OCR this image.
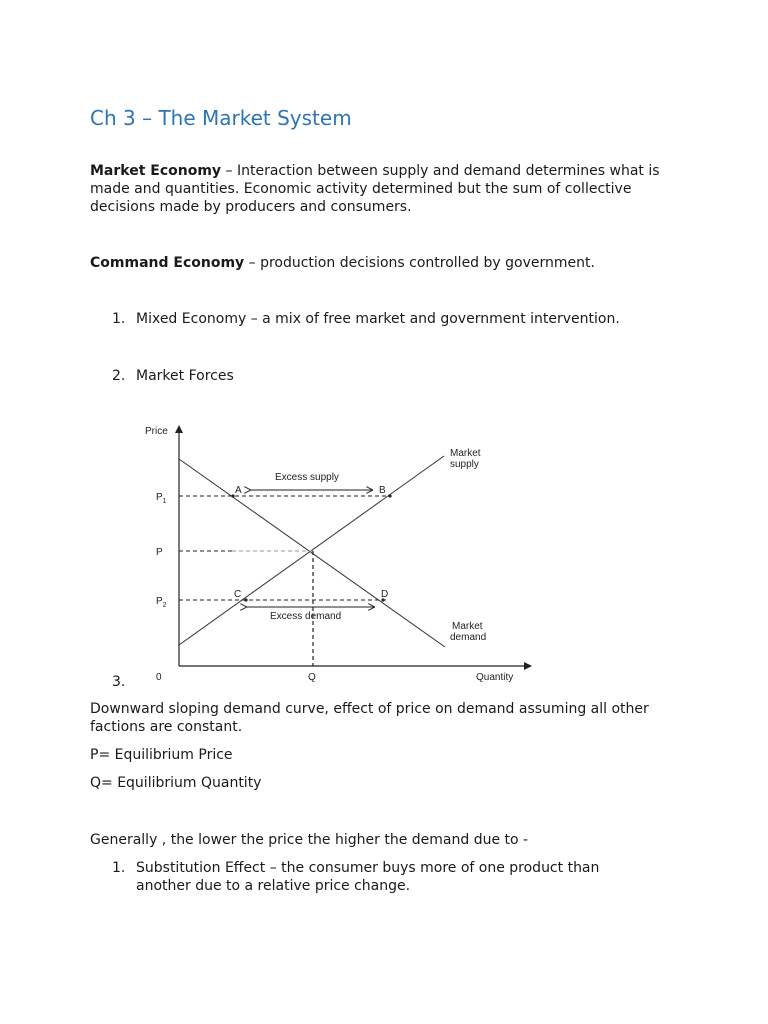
Ch 3 – The Market System

Market Economy – Interaction between supply and demand determines what is made and quantities. Economic activity determined but the sum of collective decisions made by producers and consumers.

Command Economy – production decisions controlled by government.

1. Mixed Economy – a mix of free market and government intervention.
2. Market Forces
Price
Quantity
0
$P_1$
P
$P_2$
Q
Market
supply
Market
demand
Excess supply
Excess demand
A	B
C	D
3.

Downward sloping demand curve, effect of price on demand assuming all other factions are constant.

P= Equilibrium Price

Q= Equilibrium Quantity

Generally , the lower the price the higher the demand due to -

1. Substitution Effect – the consumer buys more of one product than another due to a relative price change.
